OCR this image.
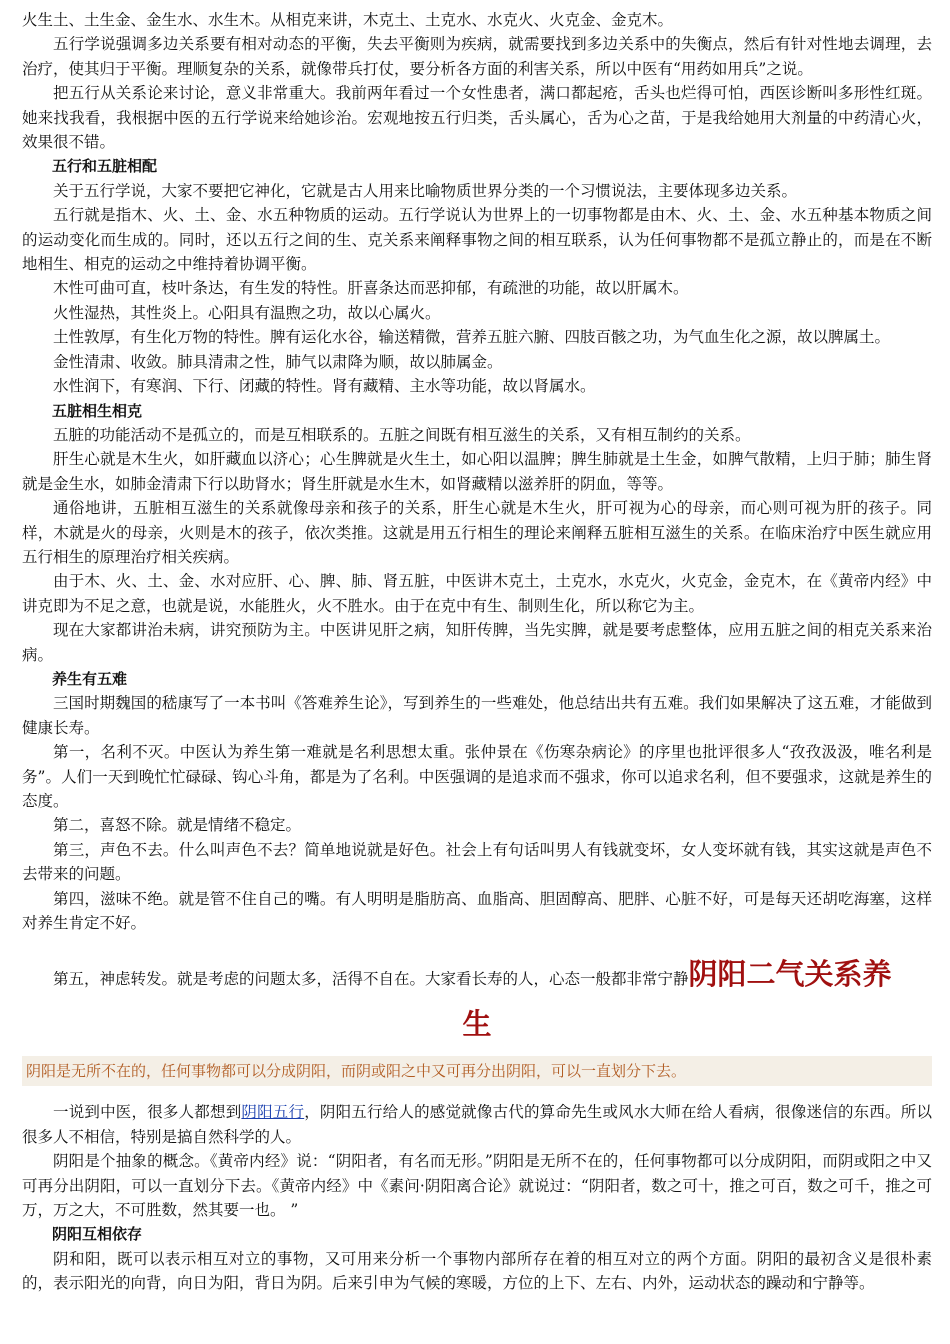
火生土、土生金、金生水、水生木。从相克来讲，木克土、土克水、水克火、火克金、金克木。

五行学说强调多边关系要有相对动态的平衡，失去平衡则为疾病，就需要找到多边关系中的失衡点，然后有针对性地去调理，去治疗，使其归于平衡。理顺复杂的关系，就像带兵打仗，要分析各方面的利害关系，所以中医有“用药如用兵”之说。

把五行从关系论来讨论，意义非常重大。我前两年看过一个女性患者，满口都起疮，舌头也烂得可怕，西医诊断叫多形性红斑。她来找我看，我根据中医的五行学说来给她诊治。宏观地按五行归类，舌头属心，舌为心之苗，于是我给她用大剂量的中药清心火，效果很不错。

五行和五脏相配

关于五行学说，大家不要把它神化，它就是古人用来比喻物质世界分类的一个习惯说法，主要体现多边关系。

五行就是指木、火、土、金、水五种物质的运动。五行学说认为世界上的一切事物都是由木、火、土、金、水五种基本物质之间的运动变化而生成的。同时，还以五行之间的生、克关系来阐释事物之间的相互联系，认为任何事物都不是孤立静止的，而是在不断地相生、相克的运动之中维持着协调平衡。

木性可曲可直，枝叶条达，有生发的特性。肝喜条达而恶抑郁，有疏泄的功能，故以肝属木。

火性湿热，其性炎上。心阳具有温煦之功，故以心属火。

土性敦厚，有生化万物的特性。脾有运化水谷，输送精微，营养五脏六腑、四肢百骸之功，为气血生化之源，故以脾属土。

金性清肃、收敛。肺具清肃之性，肺气以肃降为顺，故以肺属金。

水性润下，有寒润、下行、闭藏的特性。肾有藏精、主水等功能，故以肾属水。

五脏相生相克

五脏的功能活动不是孤立的，而是互相联系的。五脏之间既有相互滋生的关系，又有相互制约的关系。

肝生心就是木生火，如肝藏血以济心；心生脾就是火生土，如心阳以温脾；脾生肺就是土生金，如脾气散精，上归于肺；肺生肾就是金生水，如肺金清肃下行以助肾水；肾生肝就是水生木，如肾藏精以滋养肝的阴血，等等。

通俗地讲，五脏相互滋生的关系就像母亲和孩子的关系，肝生心就是木生火，肝可视为心的母亲，而心则可视为肝的孩子。同样，木就是火的母亲，火则是木的孩子，依次类推。这就是用五行相生的理论来阐释五脏相互滋生的关系。在临床治疗中医生就应用五行相生的原理治疗相关疾病。

由于木、火、土、金、水对应肝、心、脾、肺、肾五脏，中医讲木克土，土克水，水克火，火克金，金克木，在《黄帝内经》中讲克即为不足之意，也就是说，水能胜火，火不胜水。由于在克中有生、制则生化，所以称它为主。

现在大家都讲治未病，讲究预防为主。中医讲见肝之病，知肝传脾，当先实脾，就是要考虑整体，应用五脏之间的相克关系来治病。

养生有五难

三国时期魏国的嵇康写了一本书叫《答难养生论》，写到养生的一些难处，他总结出共有五难。我们如果解决了这五难，才能做到健康长寿。

第一，名利不灭。中医认为养生第一难就是名利思想太重。张仲景在《伤寒杂病论》的序里也批评很多人“孜孜汲汲，唯名利是务”。人们一天到晚忙忙碌碌、钩心斗角，都是为了名利。中医强调的是追求而不强求，你可以追求名利，但不要强求，这就是养生的态度。

第二，喜怒不除。就是情绪不稳定。

第三，声色不去。什么叫声色不去？简单地说就是好色。社会上有句话叫男人有钱就变坏，女人变坏就有钱，其实这就是声色不去带来的问题。

第四，滋味不绝。就是管不住自己的嘴。有人明明是脂肪高、血脂高、胆固醇高、肥胖、心脏不好，可是每天还胡吃海塞，这样对养生肯定不好。

第五，神虑转发。就是考虑的问题太多，活得不自在。大家看长寿的人，心态一般都非常宁静阴阳二气关系养

生

阴阳是无所不在的，任何事物都可以分成阴阳，而阴或阳之中又可再分出阴阳，可以一直划分下去。

一说到中医，很多人都想到阴阳五行，阴阳五行给人的感觉就像古代的算命先生或风水大师在给人看病，很像迷信的东西。所以很多人不相信，特别是搞自然科学的人。

阴阳是个抽象的概念。《黄帝内经》说：“阴阳者，有名而无形。”阴阳是无所不在的，任何事物都可以分成阴阳，而阴或阳之中又可再分出阴阳，可以一直划分下去。《黄帝内经》中《素问·阴阳离合论》就说过：“阴阳者，数之可十，推之可百，数之可千，推之可万，万之大，不可胜数，然其要一也。 ”

阴阳互相依存

阴和阳，既可以表示相互对立的事物，又可用来分析一个事物内部所存在着的相互对立的两个方面。阴阳的最初含义是很朴素的，表示阳光的向背，向日为阳，背日为阴。后来引申为气候的寒暖，方位的上下、左右、内外，运动状态的躁动和宁静等。
